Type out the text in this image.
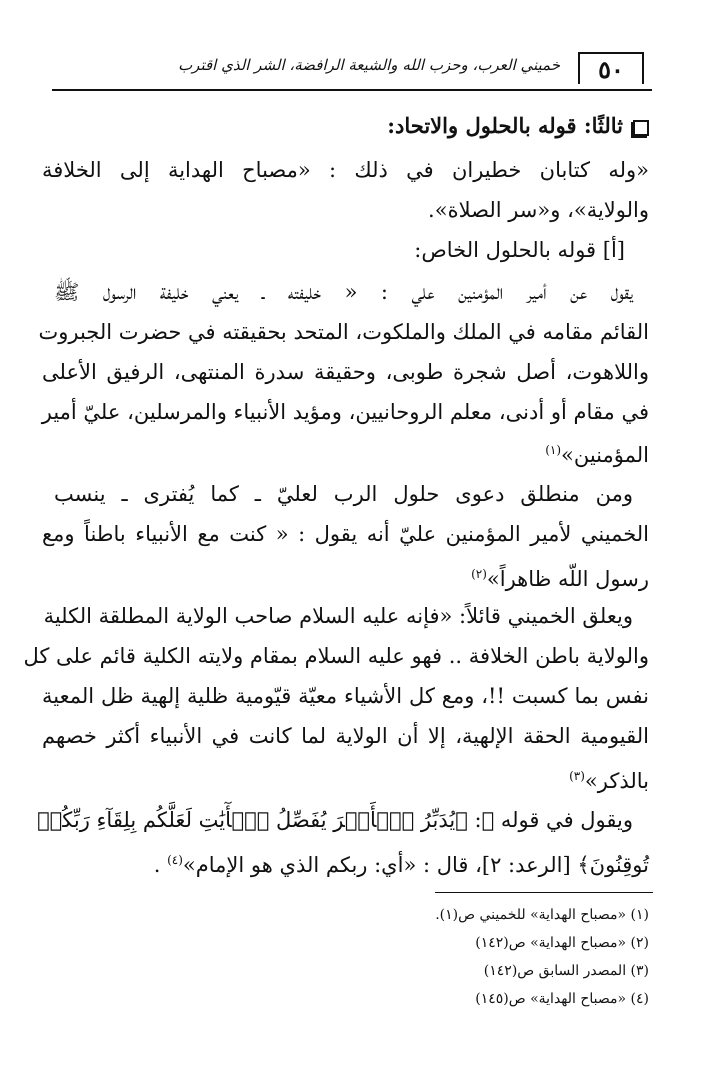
٥٠
خميني العرب، وحزب الله والشيعة الرافضة، الشر الذي اقترب
ثالثًا: قوله بالحلول والاتحاد:
«وله كتابان خطيران في ذلك : «مصباح الهداية إلى الخلافة
والولاية»، و«سر الصلاة».
[أ] قوله بالحلول الخاص:
يقول عن أمير المؤمنين علي : « خليفته ـ يعني خليفة الرسول ﷺ
القائم مقامه في الملك والملكوت، المتحد بحقيقته في حضرت الجبروت
واللاهوت، أصل شجرة طوبى، وحقيقة سدرة المنتهى، الرفيق الأعلى
في مقام أو أدنى، معلم الروحانيين، ومؤيد الأنبياء والمرسلين، عليّ أمير
المؤمنين»$^{(١)}$
ومن منطلق دعوى حلول الرب لعليّ ـ كما يُفترى ـ ينسب
الخميني لأمير المؤمنين عليّ أنه يقول : « كنت مع الأنبياء باطناً ومع
رسول اللّه ظاهراً»$^{(٢)}$
ويعلق الخميني قائلاً: «فإنه عليه السلام صاحب الولاية المطلقة الكلية
والولاية باطن الخلافة .. فهو عليه السلام بمقام ولايته الكلية قائم على كل
نفس بما كسبت !!، ومع كل الأشياء معيّة قيّومية ظلية إلهية ظل المعية
القيومية الحقة الإلهية، إلا أن الولاية لما كانت في الأنبياء أكثر خصهم
بالذكر»$^{(٣)}$
ويقول في قوله ﷻ: ﴿يُدَبِّرُ ٱلۡأَمۡرَ يُفَصِّلُ ٱلۡأٓيَٰتِ لَعَلَّكُم بِلِقَآءِ رَبِّكُمۡ
تُوقِنُونَ﴾ [الرعد: ٢]، قال : «أي: ربكم الذي هو الإمام»$^{(٤)}$ .
(١) «مصباح الهداية» للخميني ص(١).
(٢) «مصباح الهداية» ص(١٤٢)
(٣) المصدر السابق ص(١٤٢)
(٤) «مصباح الهداية» ص(١٤٥)
